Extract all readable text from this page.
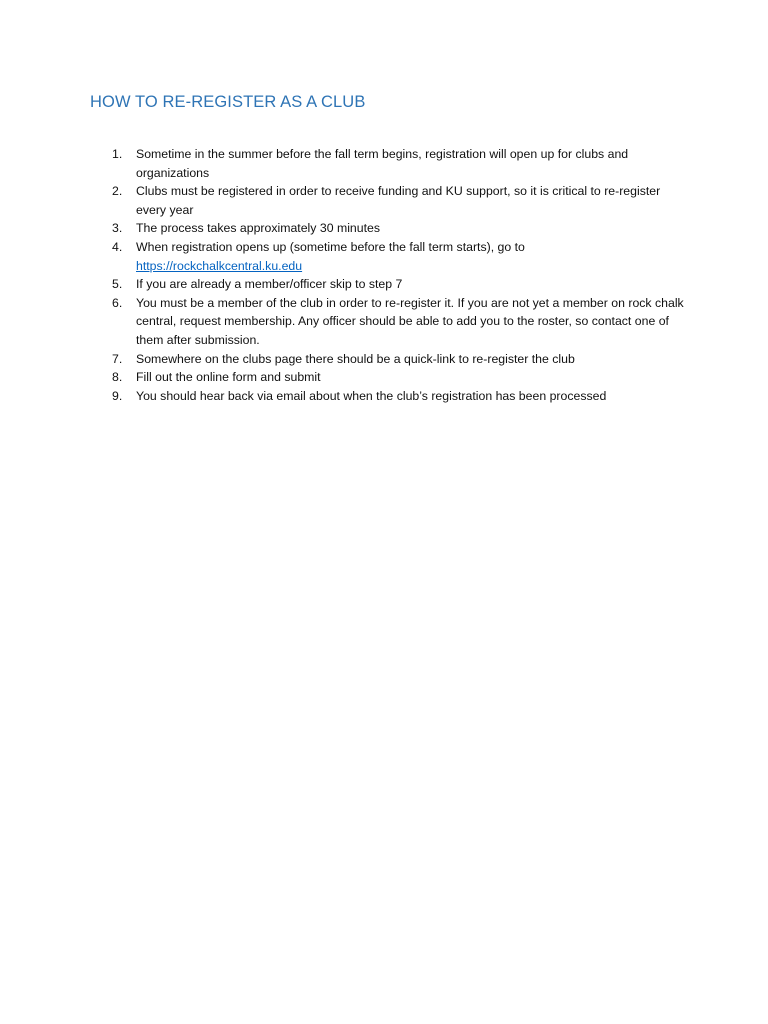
HOW TO RE-REGISTER AS A CLUB
1.	Sometime in the summer before the fall term begins, registration will open up for clubs and organizations
2.	Clubs must be registered in order to receive funding and KU support, so it is critical to re-register every year
3.	The process takes approximately 30 minutes
4.	When registration opens up (sometime before the fall term starts), go to
https://rockchalkcentral.ku.edu
5.	If you are already a member/officer skip to step 7
6.	You must be a member of the club in order to re-register it. If you are not yet a member on rock chalk central, request membership. Any officer should be able to add you to the roster, so contact one of them after submission.
7.	Somewhere on the clubs page there should be a quick-link to re-register the club
8.	Fill out the online form and submit
9.	You should hear back via email about when the club’s registration has been processed
